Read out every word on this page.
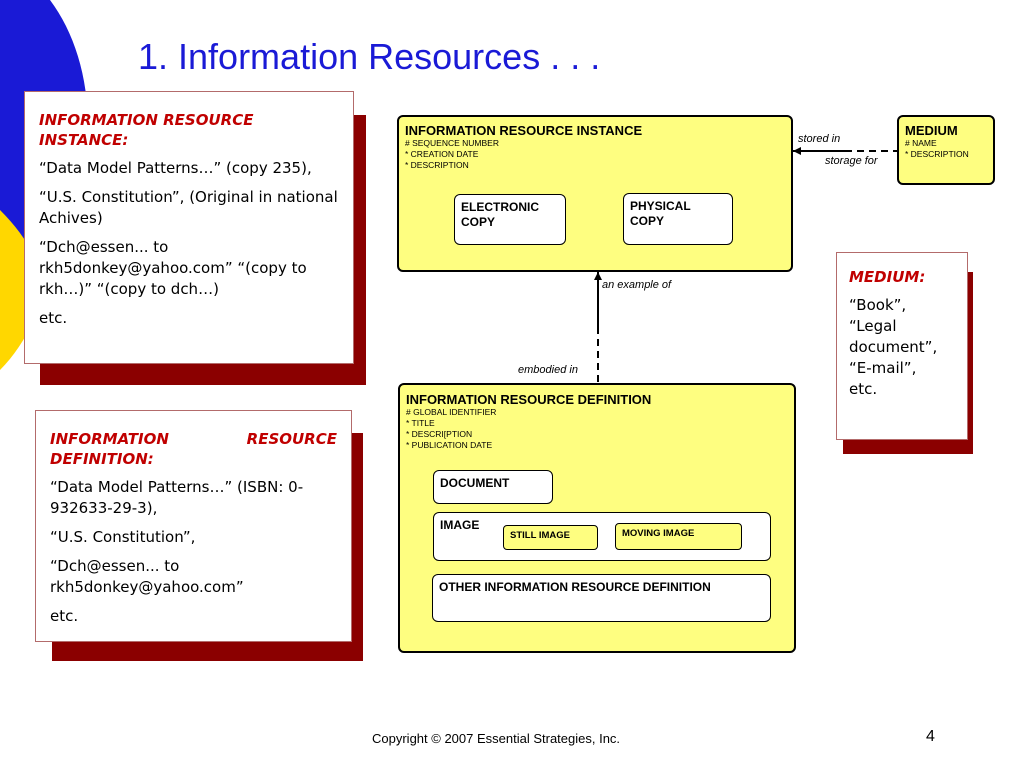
1. Information Resources . . .

INFORMATION RESOURCE INSTANCE:

“Data Model Patterns…” (copy 235),

“U.S. Constitution”, (Original in national Achives)

“Dch@essen... to rkh5donkey@yahoo.com” “(copy to rkh…)” “(copy to dch…)

etc.

INFORMATION RESOURCE DEFINITION:

“Data Model Patterns…” (ISBN: 0-932633-29-3),

“U.S. Constitution”,

“Dch@essen... to rkh5donkey@yahoo.com”

etc.

MEDIUM:

“Book”,

“Legal document”,

“E-mail”,

etc.

INFORMATION RESOURCE INSTANCE
# SEQUENCE NUMBER
* CREATION DATE
* DESCRIPTION
ELECTRONIC COPY
PHYSICAL COPY
MEDIUM
# NAME
* DESCRIPTION
INFORMATION RESOURCE DEFINITION
# GLOBAL IDENTIFIER
* TITLE
* DESCRI[PTION
* PUBLICATION DATE
DOCUMENT
IMAGE
STILL IMAGE	MOVING IMAGE
OTHER INFORMATION RESOURCE DEFINITION
stored in
storage for
an example of
embodied in
Copyright © 2007 Essential Strategies, Inc.	4
